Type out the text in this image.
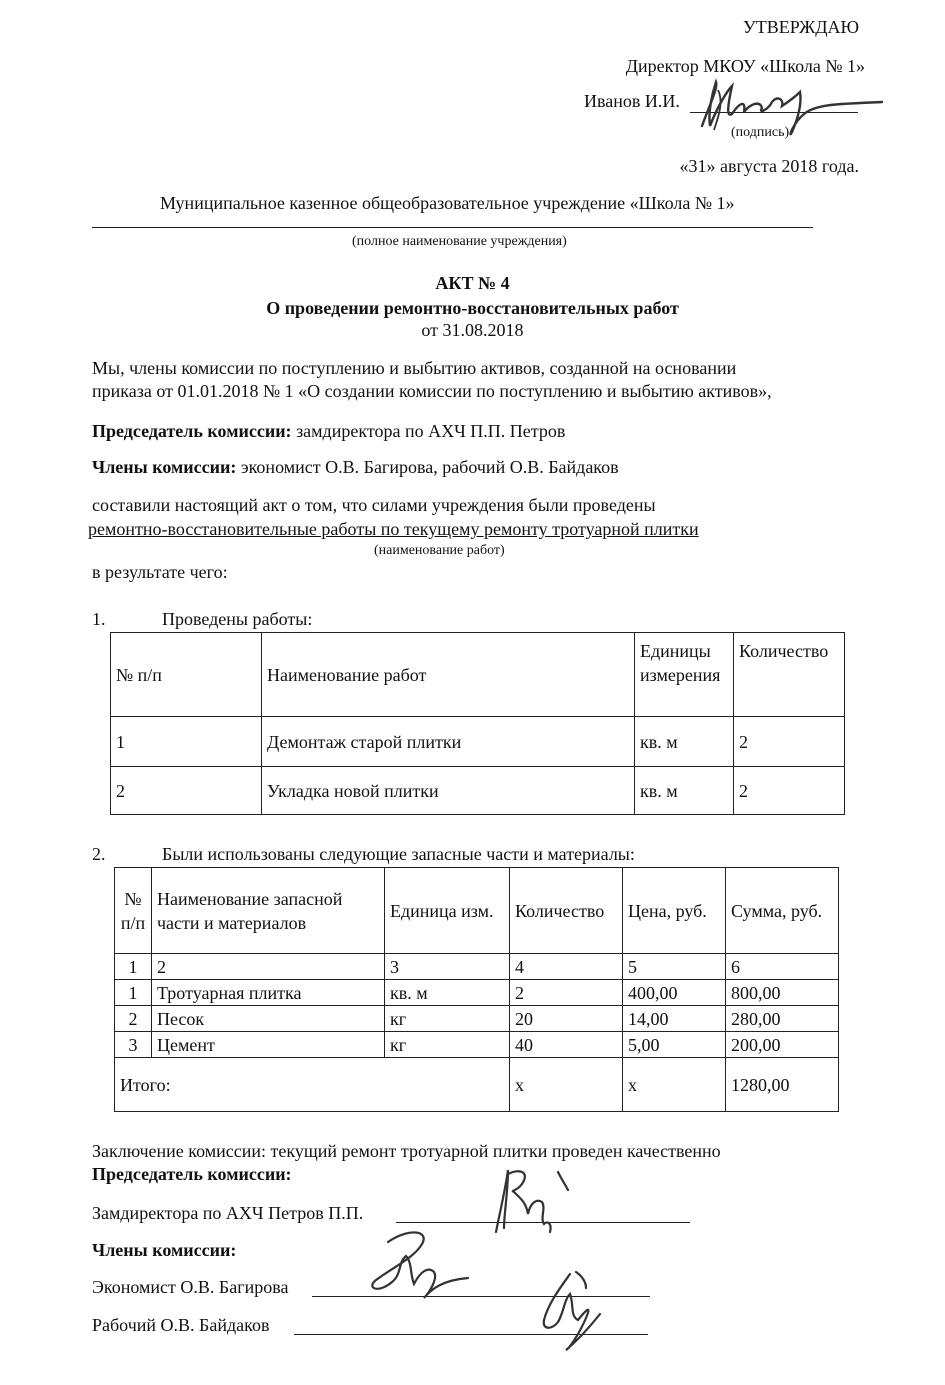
УТВЕРЖДАЮ
Директор МКОУ «Школа № 1»
Иванов И.И.
(подпись)
«31» августа 2018 года.
Муниципальное казенное общеобразовательное учреждение «Школа № 1»
(полное наименование учреждения)
АКТ № 4
О проведении ремонтно-восстановительных работ
от 31.08.2018
Мы, члены комиссии по поступлению и выбытию активов, созданной на основании
приказа от 01.01.2018 № 1 «О создании комиссии по поступлению и выбытию активов»,
Председатель комиссии: замдиректора по АХЧ П.П. Петров
Члены комиссии: экономист О.В. Багирова, рабочий О.В. Байдаков
составили настоящий акт о том, что силами учреждения были проведены
ремонтно-восстановительные работы по текущему ремонту тротуарной плитки
(наименование работ)
в результате чего:
1.	Проведены работы:
№ п/п	Наименование работ	Единицы измерения	Количество
1	Демонтаж старой плитки	кв. м	2
2	Укладка новой плитки	кв. м	2
2.	Были использованы следующие запасные части и материалы:
№ п/п	Наименование запасной части и материалов	Единица изм.	Количество	Цена, руб.	Сумма, руб.
1	2	3	4	5	6
1	Тротуарная плитка	кв. м	2	400,00	800,00
2	Песок	кг	20	14,00	280,00
3	Цемент	кг	40	5,00	200,00
Итого:			x	x	1280,00
Заключение комиссии: текущий ремонт тротуарной плитки проведен качественно
Председатель комиссии:
Замдиректора по АХЧ Петров П.П.
Члены комиссии:
Экономист О.В. Багирова
Рабочий О.В. Байдаков
